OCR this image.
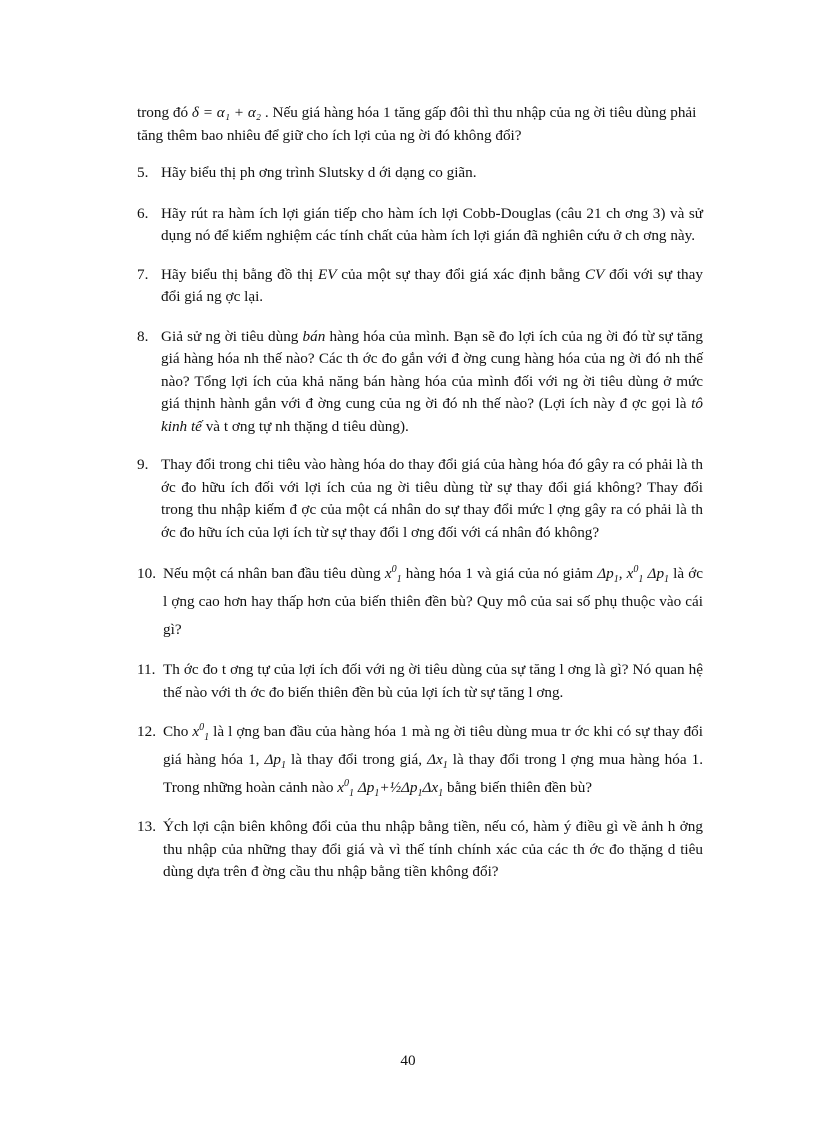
trong đó δ = α₁ + α₂ . Nếu giá hàng hóa 1 tăng gấp đôi thì thu nhập của ng ời tiêu dùng phải tăng thêm bao nhiêu để giữ cho ích lợi của ng ời đó không đổi?

5. Hãy biểu thị ph ơng trình Slutsky d ới dạng co giãn.

6. Hãy rút ra hàm ích lợi gián tiếp cho hàm ích lợi Cobb-Douglas (câu 21 ch ơng 3) và sử dụng nó để kiểm nghiệm các tính chất của hàm ích lợi gián đã nghiên cứu ở ch ơng này.

7. Hãy biểu thị bằng đồ thị EV của một sự thay đổi giá xác định bằng CV đối với sự thay đổi giá ng ợc lại.

8. Giả sử ng ời tiêu dùng bán hàng hóa của mình. Bạn sẽ đo lợi ích của ng ời đó từ sự tăng giá hàng hóa nh thế nào? Các th ớc đo gắn với đ ờng cung hàng hóa của ng ời đó nh thế nào? Tổng lợi ích của khả năng bán hàng hóa của mình đối với ng ời tiêu dùng ở mức giá thịnh hành gắn với đ ờng cung của ng ời đó nh thế nào? (Lợi ích này đ ợc gọi là tô kinh tế và t ơng tự nh thặng d tiêu dùng).

9. Thay đổi trong chi tiêu vào hàng hóa do thay đổi giá của hàng hóa đó gây ra có phải là th ớc đo hữu ích đối với lợi ích của ng ời tiêu dùng từ sự thay đổi giá không? Thay đổi trong thu nhập kiếm đ ợc của một cá nhân do sự thay đổi mức l ợng gây ra có phải là th ớc đo hữu ích của lợi ích từ sự thay đổi l ơng đối với cá nhân đó không?

10. Nếu một cá nhân ban đầu tiêu dùng $x^0_1$ hàng hóa 1 và giá của nó giảm $\Delta p_1$, $x^0_1$ $\Delta p_1$ là ớc l ợng cao hơn hay thấp hơn của biến thiên đền bù? Quy mô của sai số phụ thuộc vào cái gì?

11. Th ớc đo t ơng tự của lợi ích đối với ng ời tiêu dùng của sự tăng l ơng là gì? Nó quan hệ thế nào với th ớc đo biến thiên đền bù của lợi ích từ sự tăng l ơng.

12. Cho $x^0_1$ là l ợng ban đầu của hàng hóa 1 mà ng ời tiêu dùng mua tr ớc khi có sự thay đổi giá hàng hóa 1, $\Delta p_1$ là thay đổi trong giá, $\Delta x_1$ là thay đổi trong l ợng mua hàng hóa 1. Trong những hoàn cảnh nào $x^0_1$ $\Delta p_1+\frac{1}{2}\Delta p_1\Delta x_1$ bằng biến thiên đền bù?

13. Ých lợi cận biên không đổi của thu nhập bằng tiền, nếu có, hàm ý điều gì về ảnh h ởng thu nhập của những thay đổi giá và vì thế tính chính xác của các th ớc đo thặng d tiêu dùng dựa trên đ ờng cầu thu nhập bằng tiền không đổi?

40
